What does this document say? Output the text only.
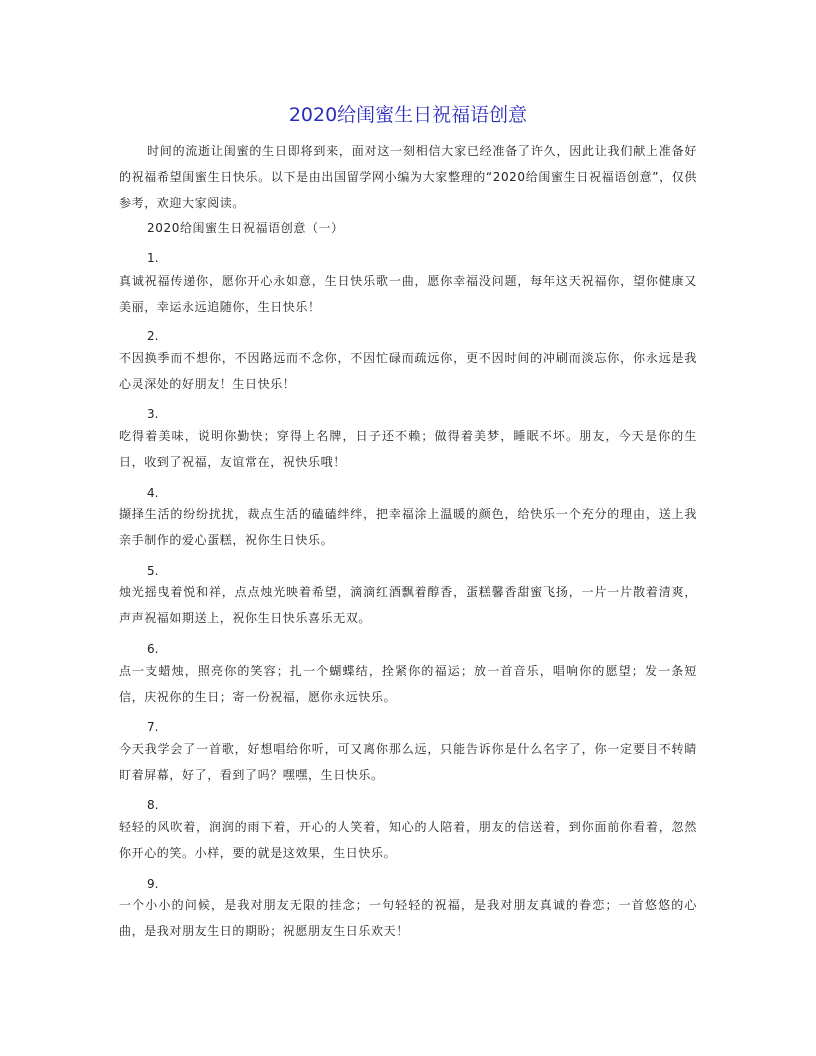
2020给闺蜜生日祝福语创意
时间的流逝让闺蜜的生日即将到来，面对这一刻相信大家已经准备了许久，因此让我们献上准备好的祝福希望闺蜜生日快乐。以下是由出国留学网小编为大家整理的“2020给闺蜜生日祝福语创意”，仅供参考，欢迎大家阅读。
2020给闺蜜生日祝福语创意（一）
1.
真诚祝福传递你，愿你开心永如意，生日快乐歌一曲，愿你幸福没问题，每年这天祝福你，望你健康又美丽，幸运永远追随你，生日快乐！
2.
不因换季而不想你，不因路远而不念你，不因忙碌而疏远你，更不因时间的冲刷而淡忘你，你永远是我心灵深处的好朋友！生日快乐！
3.
吃得着美味，说明你勤快；穿得上名牌，日子还不赖；做得着美梦，睡眠不坏。朋友，今天是你的生日，收到了祝福，友谊常在，祝快乐哦！
4.
撷择生活的纷纷扰扰，裁点生活的磕磕绊绊，把幸福涂上温暖的颜色，给快乐一个充分的理由，送上我亲手制作的爱心蛋糕，祝你生日快乐。
5.
烛光摇曳着悦和祥，点点烛光映着希望，滴滴红酒飘着醇香，蛋糕馨香甜蜜飞扬，一片一片散着清爽，声声祝福如期送上，祝你生日快乐喜乐无双。
6.
点一支蜡烛，照亮你的笑容；扎一个蝴蝶结，拴紧你的福运；放一首音乐，唱响你的愿望；发一条短信，庆祝你的生日；寄一份祝福，愿你永远快乐。
7.
今天我学会了一首歌，好想唱给你听，可又离你那么远，只能告诉你是什么名字了，你一定要目不转睛盯着屏幕，好了，看到了吗？嘿嘿，生日快乐。
8.
轻轻的风吹着，润润的雨下着，开心的人笑着，知心的人陪着，朋友的信送着，到你面前你看着，忽然你开心的笑。小样，要的就是这效果，生日快乐。
9.
一个小小的问候，是我对朋友无限的挂念；一句轻轻的祝福，是我对朋友真诚的眷恋；一首悠悠的心曲，是我对朋友生日的期盼；祝愿朋友生日乐欢天！
